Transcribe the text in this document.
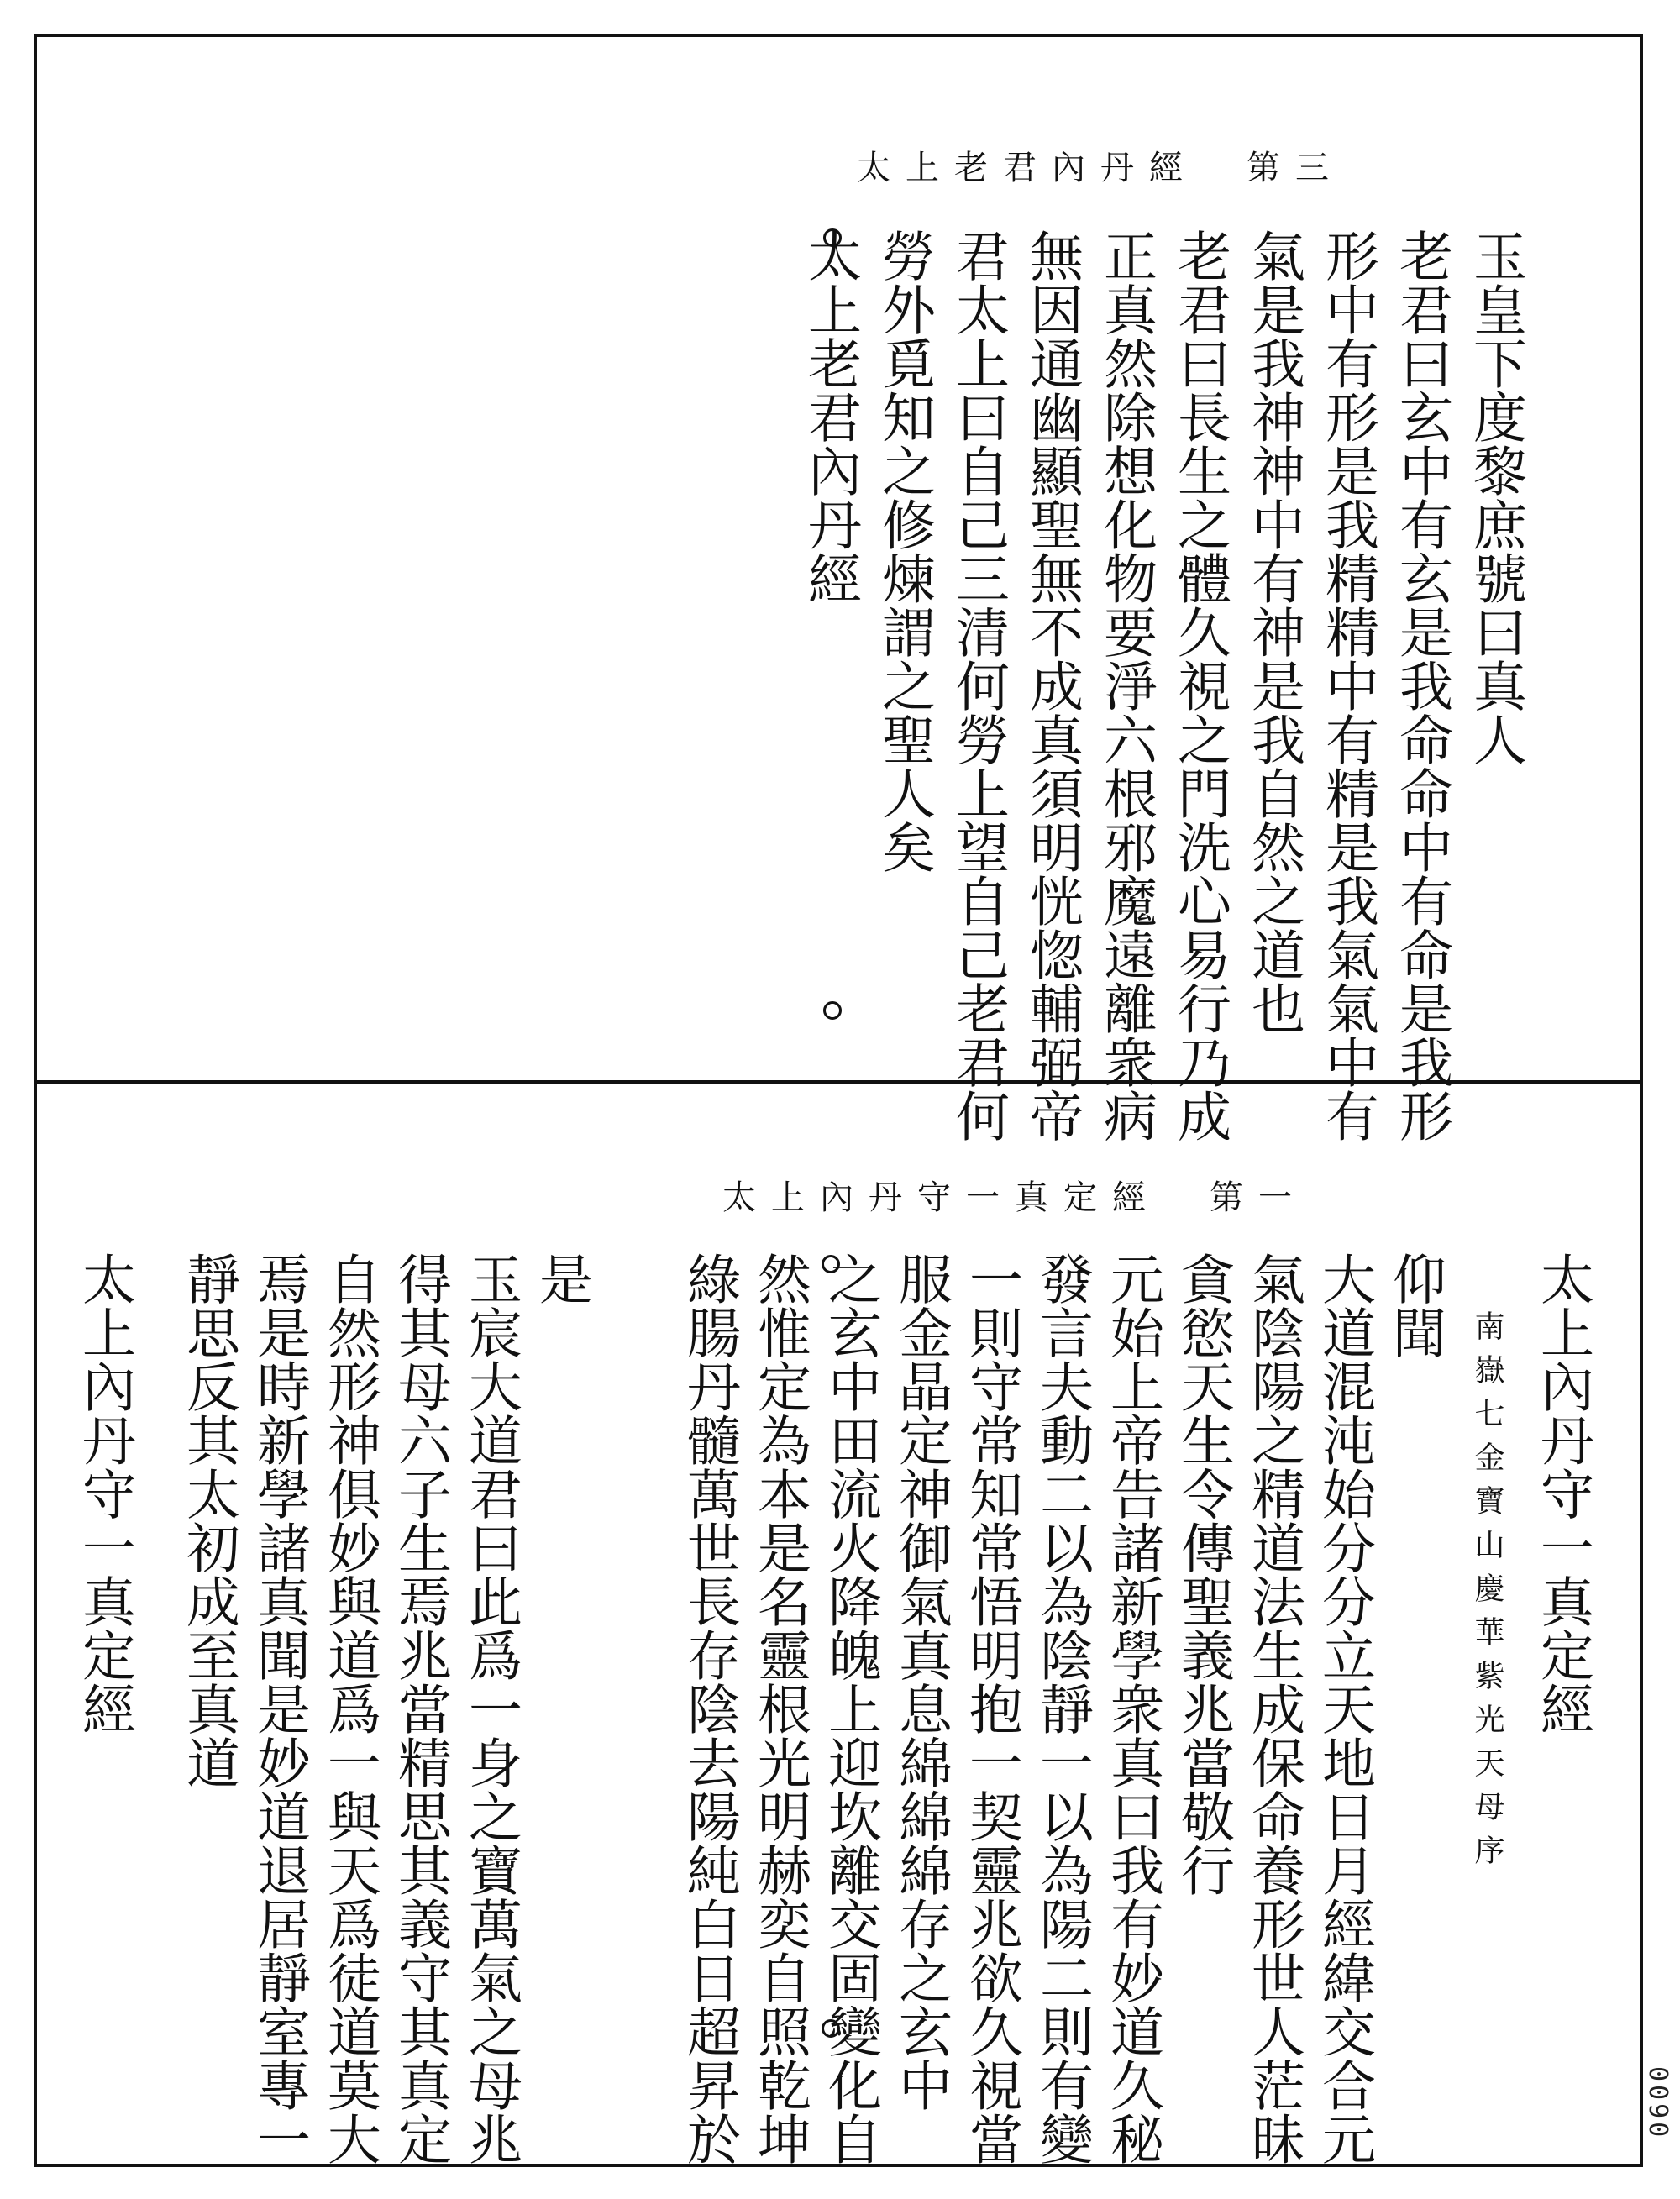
玉皇下度黎庶號曰真人
老君曰玄中有玄是我命命中有命是我形
形中有形是我精精中有精是我氣氣中有
氣是我神神中有神是我自然之道也
老君曰長生之體久視之門洗心易行乃成
正真然除想化物要淨六根邪魔遠離衆病
無因通幽顯聖無不成真須明恍惚輔弼帝
君太上曰自己三清何勞上望自己老君何
勞外覓知之修煉謂之聖人矣
太上老君內丹經
太上老君內丹經　第三
太上內丹守一真定經　第一
太上內丹守一真定經
南嶽七金寶山慶華紫光天母序
仰聞
大道混沌始分分立天地日月經緯交合元
氣陰陽之精道法生成保命養形世人茫昧
貪慾天生令傳聖義兆當敬行
元始上帝告諸新學衆真曰我有妙道久秘
發言夫動二以為陰靜一以為陽二則有變
一則守常知常悟明抱一契靈兆欲久視當
服金晶定神御氣真息綿綿綿存之玄中
之玄中田流火降魄上迎坎離交固變化自
然惟定為本是名靈根光明赫奕自照乾坤
綠腸丹髓萬世長存陰去陽純白日超昇於
是
玉宸大道君曰此爲一身之寶萬氣之母兆
得其母六子生焉兆當精思其義守其真定
自然形神俱妙與道爲一與天爲徒道莫大
焉是時新學諸真聞是妙道退居靜室專一
靜思反其太初成至真道
太上內丹守一真定經
0090
